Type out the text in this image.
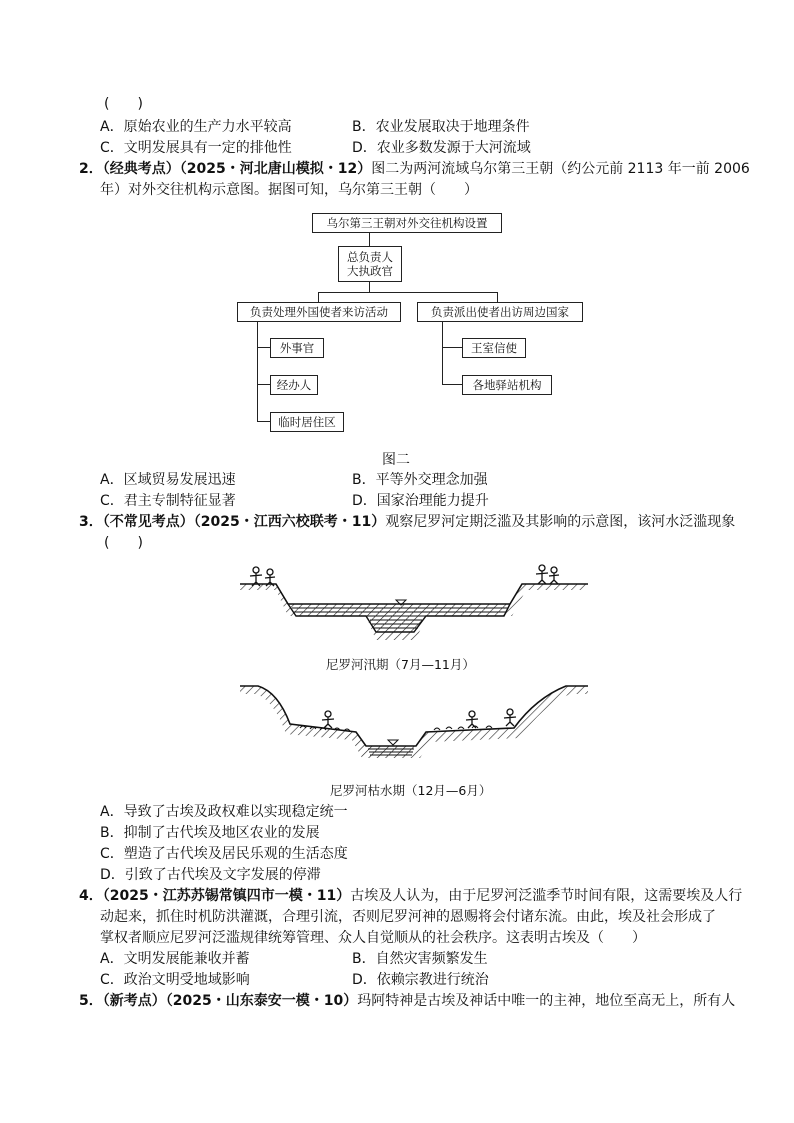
(　　)
A．原始农业的生产力水平较高	B．农业发展取决于地理条件
C．文明发展具有一定的排他性	D．农业多数发源于大河流域
2．（经典考点）（2025・河北唐山模拟・12）图二为两河流域乌尔第三王朝（约公元前 2113 年一前 2006
年）对外交往机构示意图。据图可知，乌尔第三王朝（　　）
乌尔第三王朝对外交往机构设置
总负责人
大执政官
负责处理外国使者来访活动	负责派出使者出访周边国家
外事官
经办人
临时居住区
王室信使
各地驿站机构
图二
A．区域贸易发展迅速	B．平等外交理念加强
C．君主专制特征显著	D．国家治理能力提升
3．（不常见考点）（2025・江西六校联考・11）观察尼罗河定期泛滥及其影响的示意图，该河水泛滥现象
(　　)
尼罗河汛期（7月—11月）
尼罗河枯水期（12月—6月）
A．导致了古埃及政权难以实现稳定统一
B．抑制了古代埃及地区农业的发展
C．塑造了古代埃及居民乐观的生活态度
D．引致了古代埃及文字发展的停滞
4．（2025・江苏苏锡常镇四市一模・11）古埃及人认为，由于尼罗河泛滥季节时间有限，这需要埃及人行
动起来，抓住时机防洪灌溉，合理引流，否则尼罗河神的恩赐将会付诸东流。由此，埃及社会形成了
掌权者顺应尼罗河泛滥规律统筹管理、众人自觉顺从的社会秩序。这表明古埃及（　　）
A．文明发展能兼收并蓄	B．自然灾害频繁发生
C．政治文明受地域影响	D．依赖宗教进行统治
5．（新考点）（2025・山东泰安一模・10）玛阿特神是古埃及神话中唯一的主神，地位至高无上，所有人
